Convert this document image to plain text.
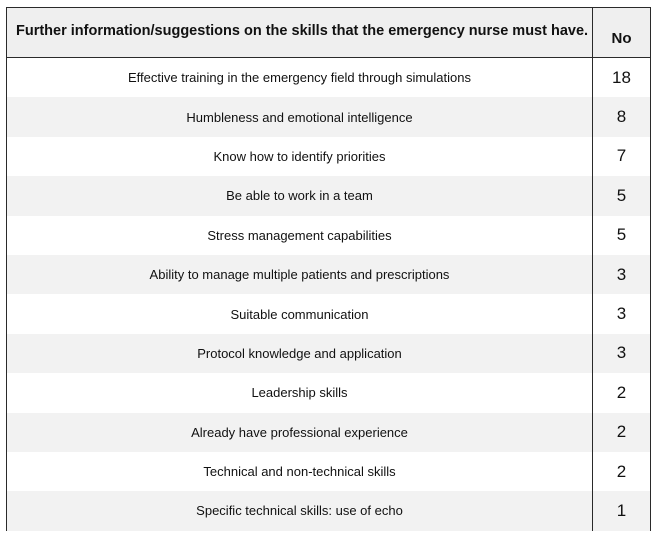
Further information/suggestions on the skills that the emergency nurse must have.	No
Effective training in the emergency field through simulations	18
Humbleness and emotional intelligence	8
Know how to identify priorities	7
Be able to work in a team	5
Stress management capabilities	5
Ability to manage multiple patients and prescriptions	3
Suitable communication	3
Protocol knowledge and application	3
Leadership skills	2
Already have professional experience	2
Technical and non-technical skills	2
Specific technical skills: use of echo	1
